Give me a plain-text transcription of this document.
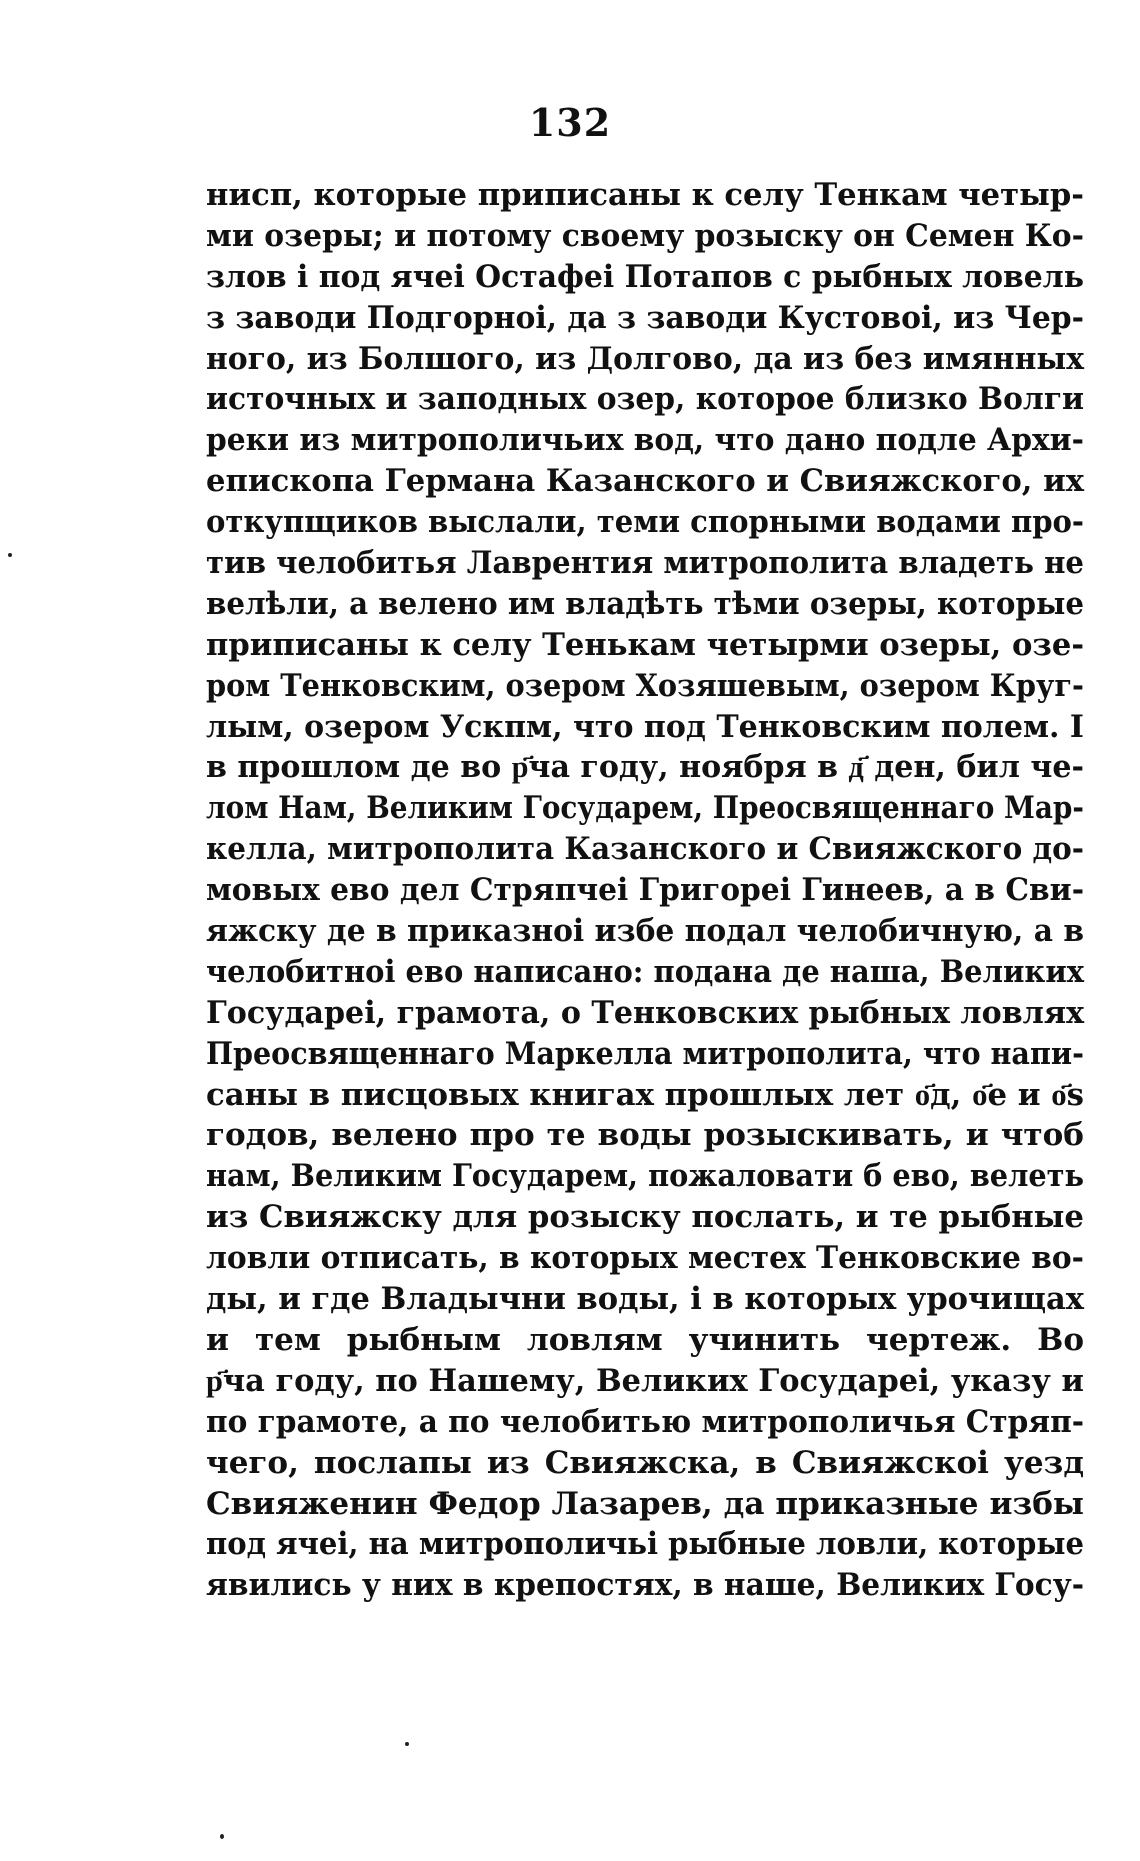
132
нисп, которые приписаны к селу Тенкам четыр-
ми озеры; и потому своему розыску он Семен Ко-
злов і под ячеі Остафеі Потапов с рыбных ловель
з заводи Подгорноі, да з заводи Кустовоі, из Чер-
ного, из Болшого, из Долгово, да из без имянных
источных и заподных озер, которое близко Волги
реки из митрополичьих вод, что дано подле Архи-
епископа Германа Казанского и Свияжского, их
откупщиков выслали, теми спорными водами про-
тив челобитья Лаврентия митрополита владеть не
велѣли, а велено им владѣть тѣми озеры, которые
приписаны к селу Тенькам четырми озеры, озе-
ром Тенковским, озером Хозяшевым, озером Круг-
лым, озером Ускпм, что под Тенковским полем. І
в прошлом де во р҃ча году, ноября в д҃ ден, бил че-
лом Нам, Великим Государем, Преосвященнаго Мар-
келла, митрополита Казанского и Свияжского до-
мовых ево дел Стряпчеі Григореі Гинеев, а в Сви-
яжску де в приказноі избе подал челобичную, а в
челобитноі ево написано: подана де наша, Великих
Государеі, грамота, о Тенковских рыбных ловлях
Преосвященнаго Маркелла митрополита, что напи-
саны в писцовых книгах прошлых лет о҃д, о҃е и о҃s
годов, велено про те воды розыскивать, и чтоб
нам, Великим Государем, пожаловати б ево, велеть
из Свияжску для розыску послать, и те рыбные
ловли отписать, в которых местех Тенковские во-
ды, и где Владычни воды, і в которых урочищах
и тем рыбным ловлям учинить чертеж. Во
р҃ча году, по Нашему, Великих Государеі, указу и
по грамоте, а по челобитью митрополичья Стряп-
чего, послапы из Свияжска, в Свияжскоі уезд
Свияженин Федор Лазарев, да приказные избы
под ячеі, на митрополичьі рыбные ловли, которые
явились у них в крепостях, в наше, Великих Госу-
